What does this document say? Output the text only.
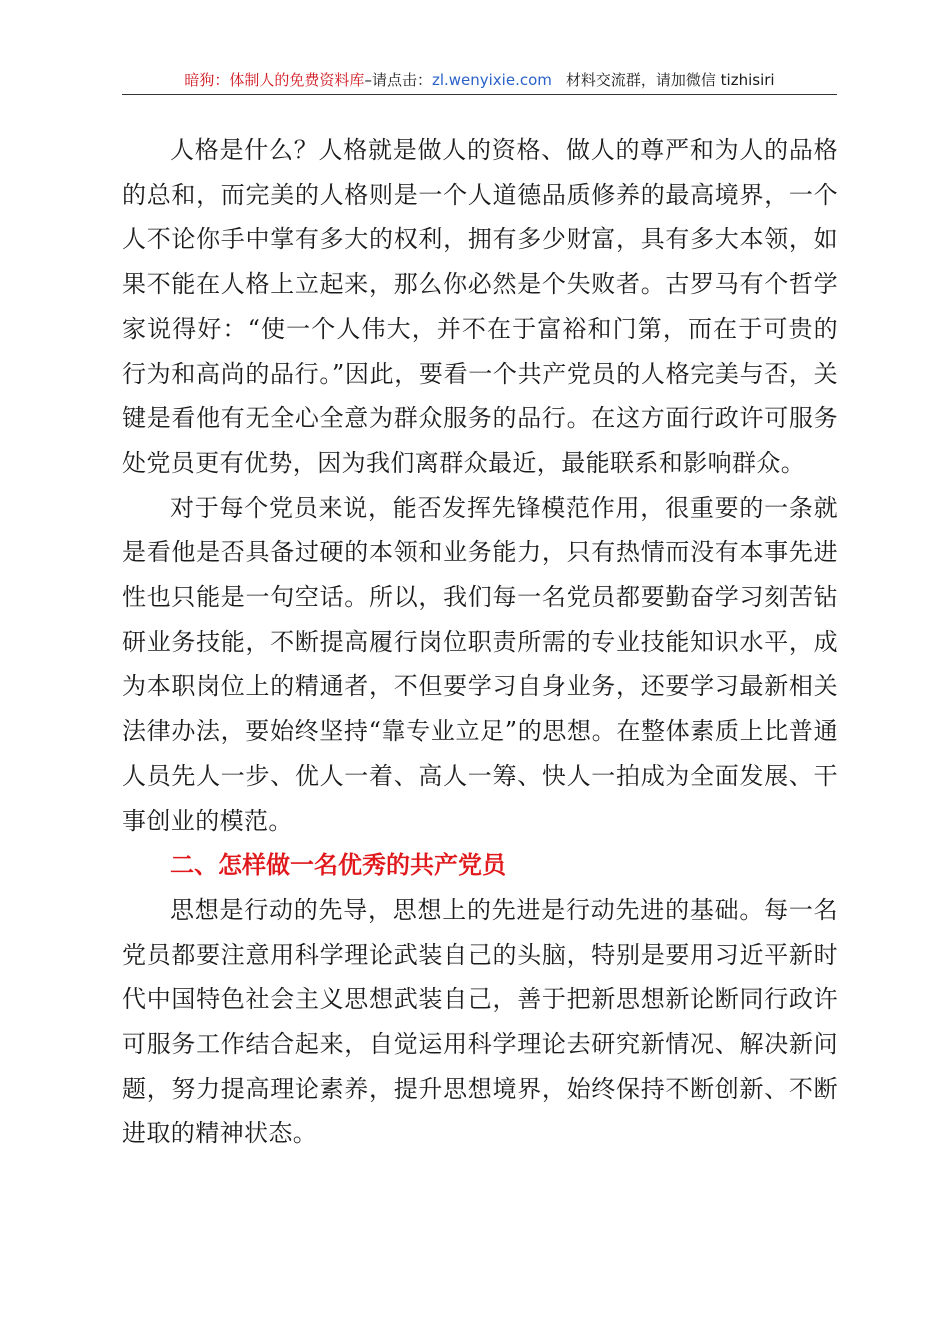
暗狗：体制人的免费资料库–请点击：zl.wenyixie.com 材料交流群，请加微信 tizhisiri

人格是什么？人格就是做人的资格、做人的尊严和为人的品格的总和，而完美的人格则是一个人道德品质修养的最高境界，一个人不论你手中掌有多大的权利，拥有多少财富，具有多大本领，如果不能在人格上立起来，那么你必然是个失败者。古罗马有个哲学家说得好：“使一个人伟大，并不在于富裕和门第，而在于可贵的行为和高尚的品行。”因此，要看一个共产党员的人格完美与否，关键是看他有无全心全意为群众服务的品行。在这方面行政许可服务处党员更有优势，因为我们离群众最近，最能联系和影响群众。

对于每个党员来说，能否发挥先锋模范作用，很重要的一条就是看他是否具备过硬的本领和业务能力，只有热情而没有本事先进性也只能是一句空话。所以，我们每一名党员都要勤奋学习刻苦钻研业务技能，不断提高履行岗位职责所需的专业技能知识水平，成为本职岗位上的精通者，不但要学习自身业务，还要学习最新相关法律办法，要始终坚持“靠专业立足”的思想。在整体素质上比普通人员先人一步、优人一着、高人一筹、快人一拍成为全面发展、干事创业的模范。

二、怎样做一名优秀的共产党员

思想是行动的先导，思想上的先进是行动先进的基础。每一名党员都要注意用科学理论武装自己的头脑，特别是要用习近平新时代中国特色社会主义思想武装自己，善于把新思想新论断同行政许可服务工作结合起来，自觉运用科学理论去研究新情况、解决新问题，努力提高理论素养，提升思想境界，始终保持不断创新、不断进取的精神状态。
